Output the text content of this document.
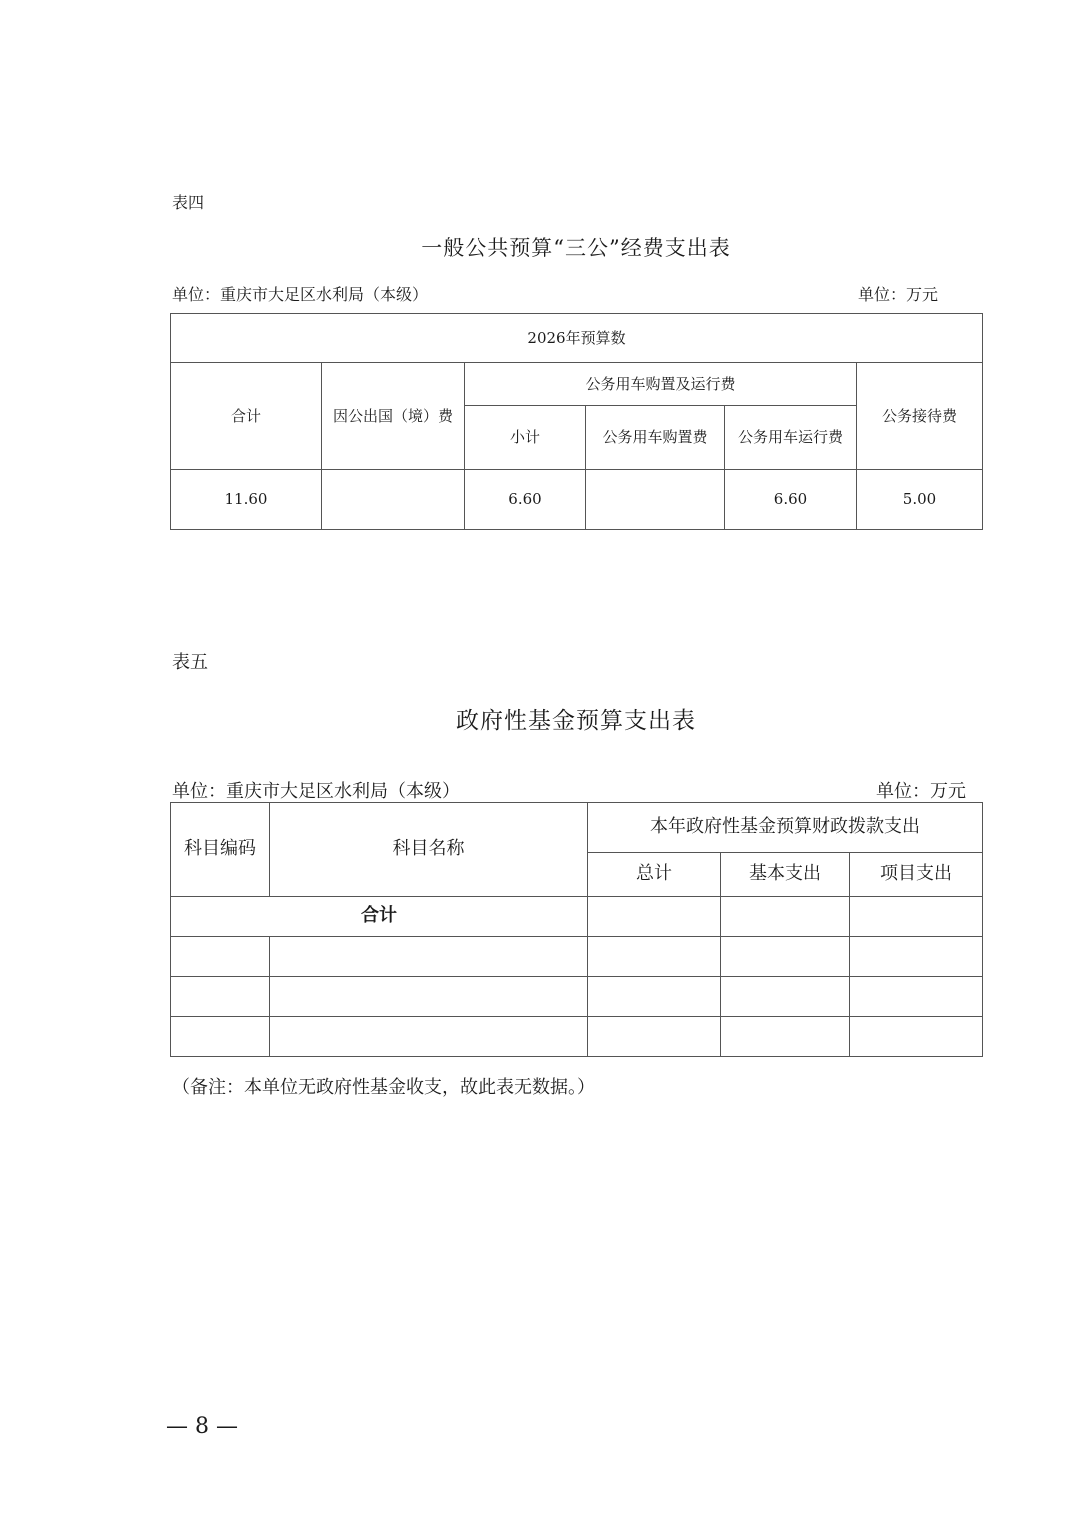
表四
一般公共预算“三公”经费支出表
单位：重庆市大足区水利局（本级）	单位：万元
2026年预算数					
合计	因公出国（境）费	公务用车购置及运行费			公务接待费
		小计	公务用车购置费	公务用车运行费	
11.60		6.60		6.60	5.00
表五
政府性基金预算支出表
单位：重庆市大足区水利局（本级）	单位：万元
科目编码	科目名称	本年政府性基金预算财政拨款支出		
		总计	基本支出	项目支出
合计				

（备注：本单位无政府性基金收支，故此表无数据。）
— 8 —
